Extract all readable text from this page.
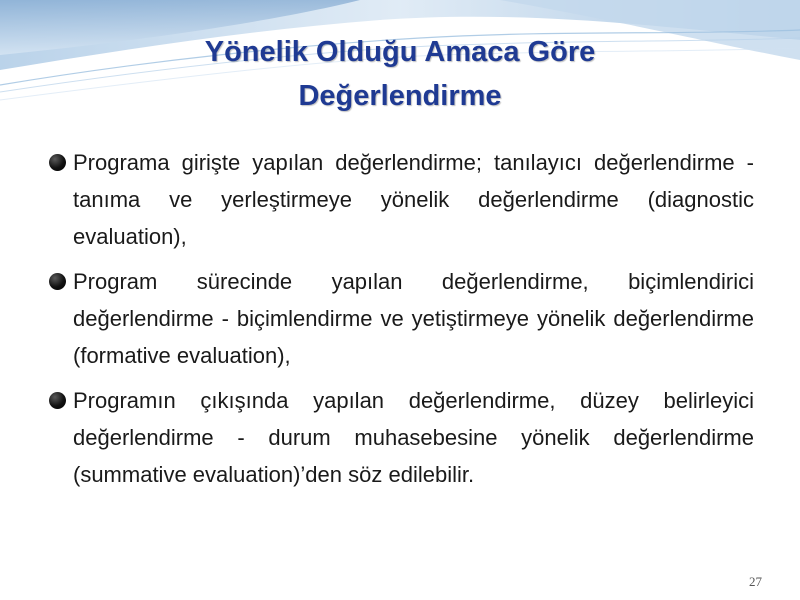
Yönelik Olduğu Amaca Göre
Değerlendirme
Programa girişte yapılan değerlendirme; tanılayıcı değerlendirme - tanıma ve yerleştirmeye yönelik değerlendirme (diagnostic evaluation),
Program sürecinde yapılan değerlendirme, biçimlendirici değerlendirme - biçimlendirme ve yetiştirmeye yönelik değerlendirme (formative evaluation),
Programın çıkışında yapılan değerlendirme, düzey belirleyici değerlendirme - durum muhasebesine yönelik değerlendirme (summative evaluation)’den söz edilebilir.
27
